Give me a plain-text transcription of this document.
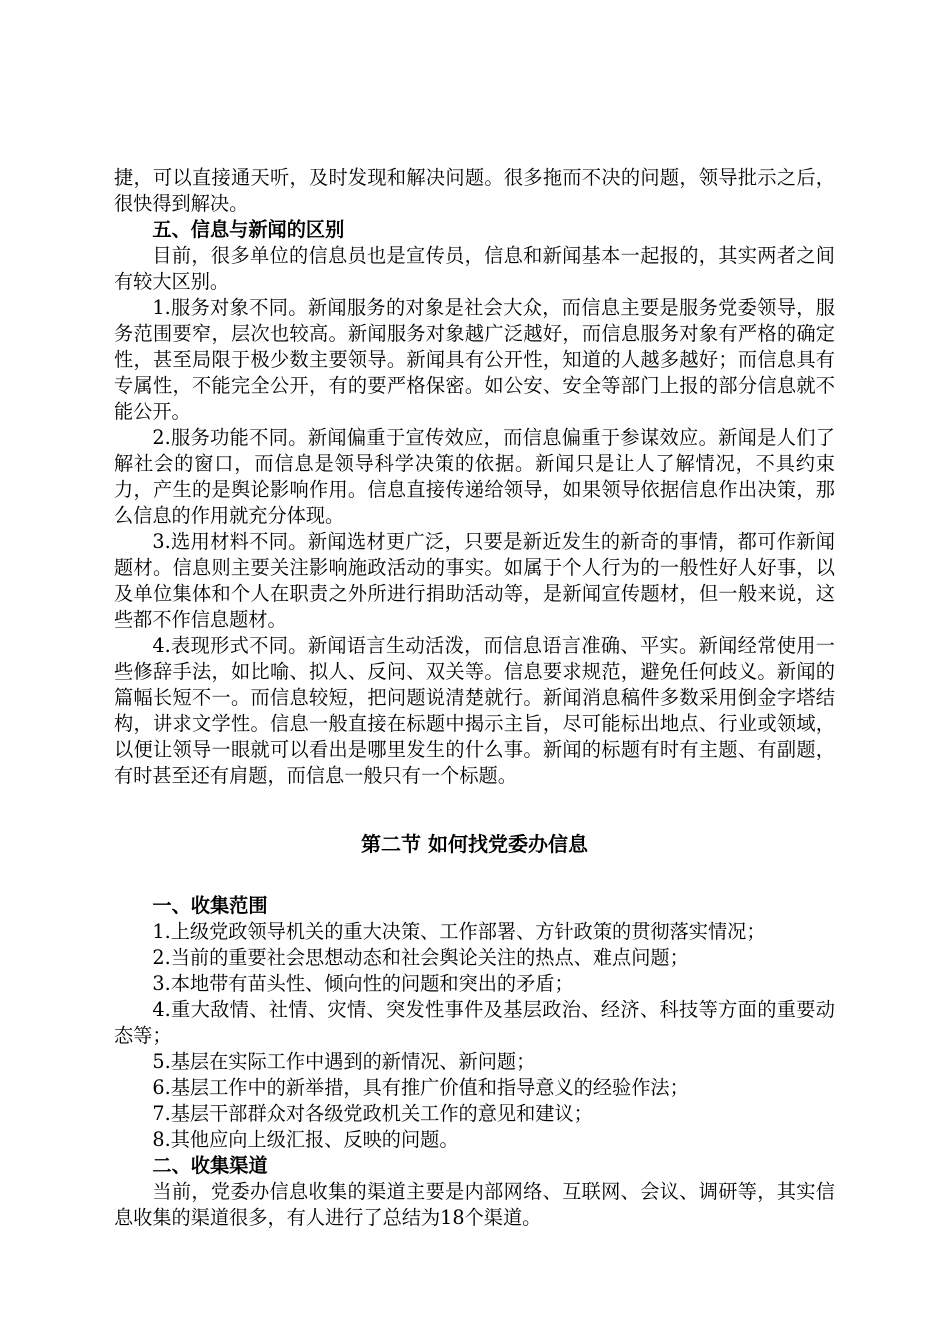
捷，可以直接通天听，及时发现和解决问题。很多拖而不决的问题，领导批示之后，很快得到解决。

五、信息与新闻的区别

目前，很多单位的信息员也是宣传员，信息和新闻基本一起报的，其实两者之间有较大区别。

1.服务对象不同。新闻服务的对象是社会大众，而信息主要是服务党委领导，服务范围要窄，层次也较高。新闻服务对象越广泛越好，而信息服务对象有严格的确定性，甚至局限于极少数主要领导。新闻具有公开性，知道的人越多越好；而信息具有专属性，不能完全公开，有的要严格保密。如公安、安全等部门上报的部分信息就不能公开。

2.服务功能不同。新闻偏重于宣传效应，而信息偏重于参谋效应。新闻是人们了解社会的窗口，而信息是领导科学决策的依据。新闻只是让人了解情况，不具约束力，产生的是舆论影响作用。信息直接传递给领导，如果领导依据信息作出决策，那么信息的作用就充分体现。

3.选用材料不同。新闻选材更广泛，只要是新近发生的新奇的事情，都可作新闻题材。信息则主要关注影响施政活动的事实。如属于个人行为的一般性好人好事，以及单位集体和个人在职责之外所进行捐助活动等，是新闻宣传题材，但一般来说，这些都不作信息题材。

4.表现形式不同。新闻语言生动活泼，而信息语言准确、平实。新闻经常使用一些修辞手法，如比喻、拟人、反问、双关等。信息要求规范，避免任何歧义。新闻的篇幅长短不一。而信息较短，把问题说清楚就行。新闻消息稿件多数采用倒金字塔结构，讲求文学性。信息一般直接在标题中揭示主旨，尽可能标出地点、行业或领域，以便让领导一眼就可以看出是哪里发生的什么事。新闻的标题有时有主题、有副题，有时甚至还有肩题，而信息一般只有一个标题。

第二节 如何找党委办信息

一、收集范围

1.上级党政领导机关的重大决策、工作部署、方针政策的贯彻落实情况；

2.当前的重要社会思想动态和社会舆论关注的热点、难点问题；

3.本地带有苗头性、倾向性的问题和突出的矛盾；

4.重大敌情、社情、灾情、突发性事件及基层政治、经济、科技等方面的重要动态等；

5.基层在实际工作中遇到的新情况、新问题；

6.基层工作中的新举措，具有推广价值和指导意义的经验作法；

7.基层干部群众对各级党政机关工作的意见和建议；

8.其他应向上级汇报、反映的问题。

二、收集渠道

当前，党委办信息收集的渠道主要是内部网络、互联网、会议、调研等，其实信息收集的渠道很多，有人进行了总结为18个渠道。
